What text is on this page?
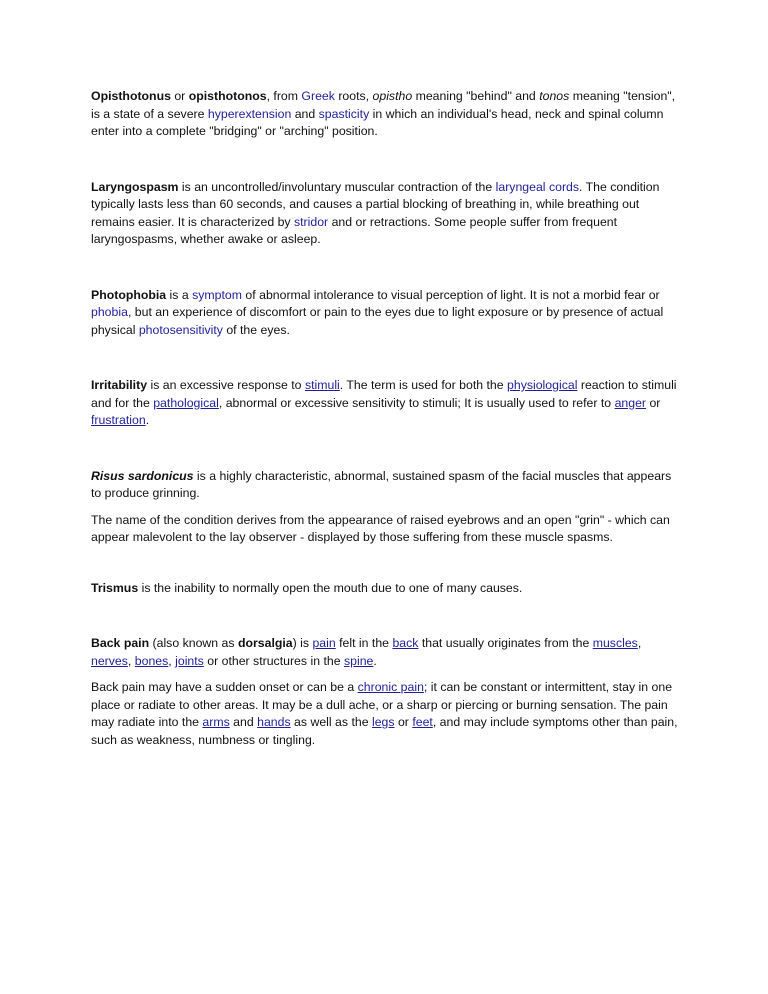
Opisthotonus or opisthotonos, from Greek roots, opistho meaning "behind" and tonos meaning "tension", is a state of a severe hyperextension and spasticity in which an individual's head, neck and spinal column enter into a complete "bridging" or "arching" position.

Laryngospasm is an uncontrolled/involuntary muscular contraction of the laryngeal cords. The condition typically lasts less than 60 seconds, and causes a partial blocking of breathing in, while breathing out remains easier. It is characterized by stridor and or retractions. Some people suffer from frequent laryngospasms, whether awake or asleep.

Photophobia is a symptom of abnormal intolerance to visual perception of light. It is not a morbid fear or phobia, but an experience of discomfort or pain to the eyes due to light exposure or by presence of actual physical photosensitivity of the eyes.

Irritability is an excessive response to stimuli. The term is used for both the physiological reaction to stimuli and for the pathological, abnormal or excessive sensitivity to stimuli; It is usually used to refer to anger or frustration.

Risus sardonicus is a highly characteristic, abnormal, sustained spasm of the facial muscles that appears to produce grinning.

The name of the condition derives from the appearance of raised eyebrows and an open "grin" - which can appear malevolent to the lay observer - displayed by those suffering from these muscle spasms.

Trismus is the inability to normally open the mouth due to one of many causes.

Back pain (also known as dorsalgia) is pain felt in the back that usually originates from the muscles, nerves, bones, joints or other structures in the spine.

Back pain may have a sudden onset or can be a chronic pain; it can be constant or intermittent, stay in one place or radiate to other areas. It may be a dull ache, or a sharp or piercing or burning sensation. The pain may radiate into the arms and hands as well as the legs or feet, and may include symptoms other than pain, such as weakness, numbness or tingling.
